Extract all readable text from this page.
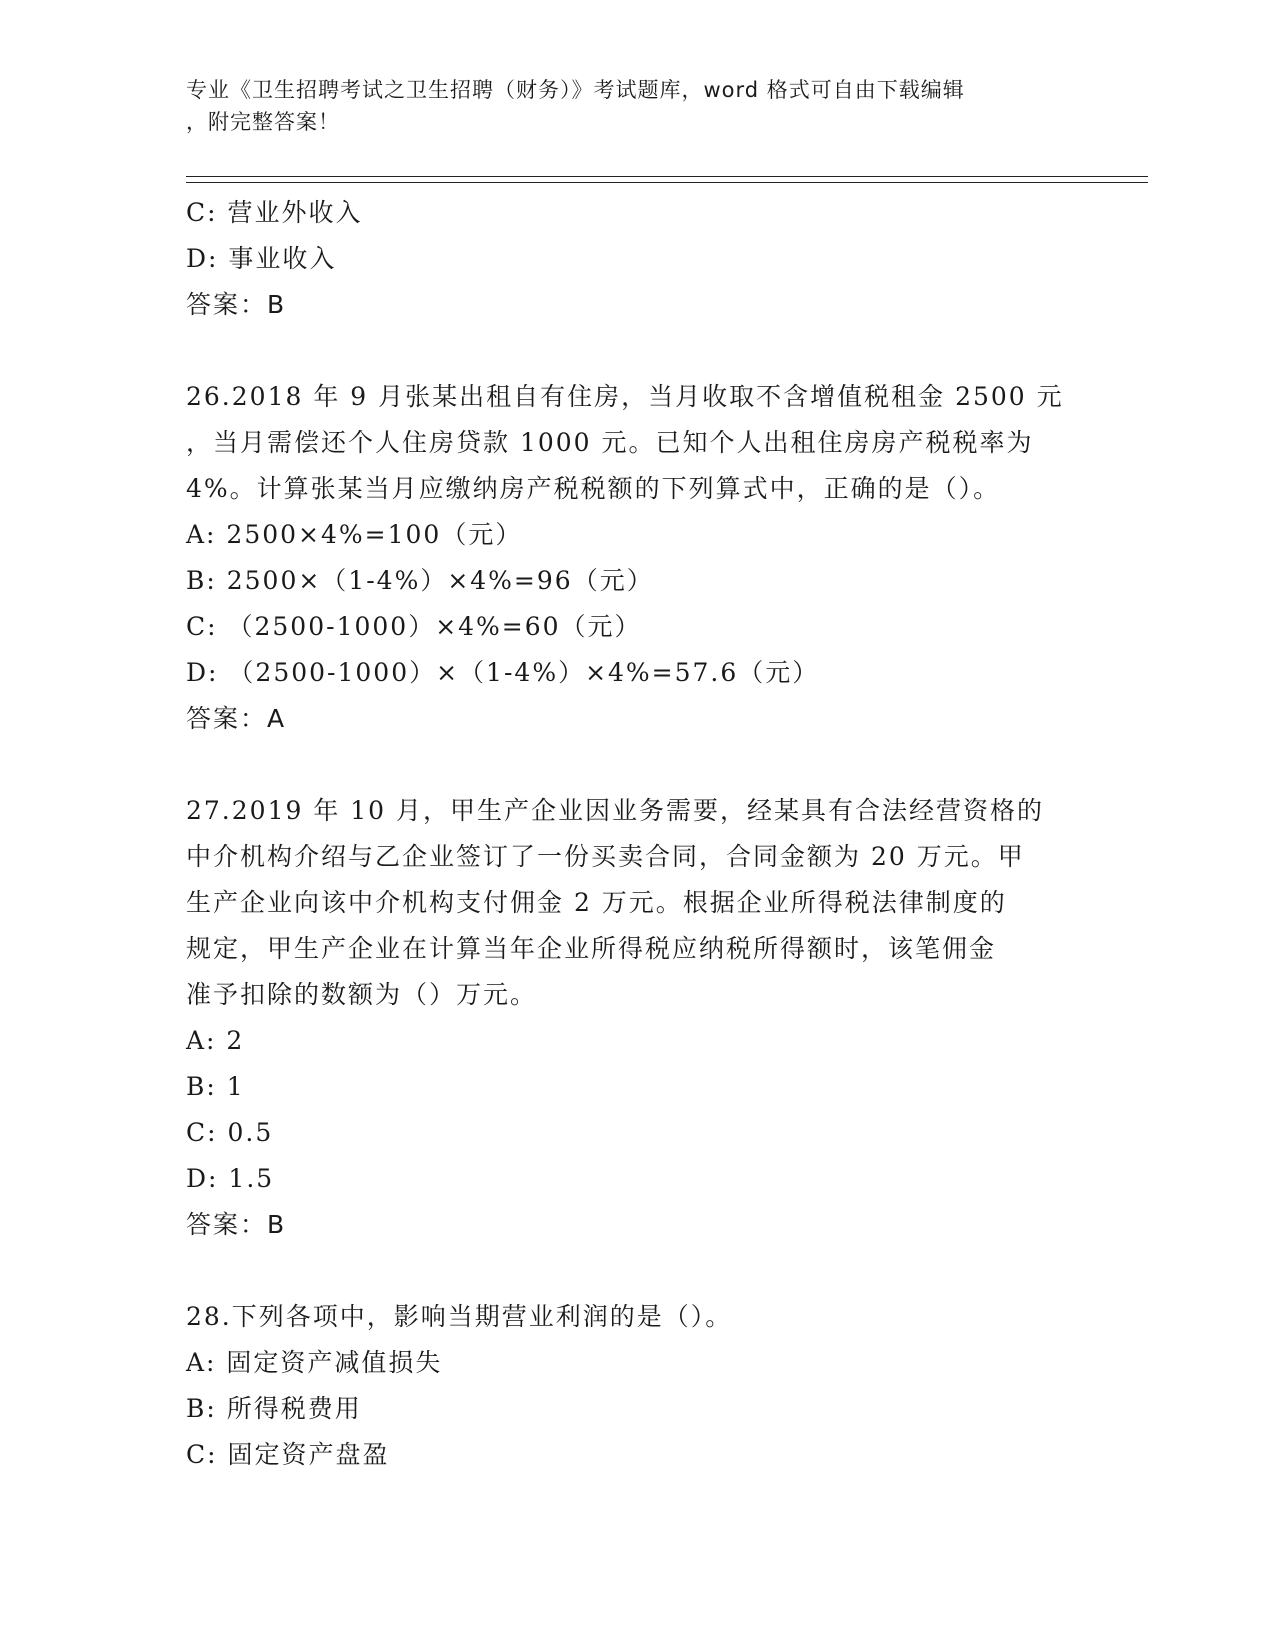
专业《卫生招聘考试之卫生招聘（财务）》考试题库，word 格式可自由下载编辑
，附完整答案！
C: 营业外收入
D: 事业收入
答案：B
26.2018 年 9 月张某出租自有住房，当月收取不含增值税租金 2500 元
，当月需偿还个人住房贷款 1000 元。已知个人出租住房房产税税率为
4%。计算张某当月应缴纳房产税税额的下列算式中，正确的是（）。
A: 2500×4%=100（元）
B: 2500×（1-4%）×4%=96（元）
C: （2500-1000）×4%=60（元）
D: （2500-1000）×（1-4%）×4%=57.6（元）
答案：A
27.2019 年 10 月，甲生产企业因业务需要，经某具有合法经营资格的
中介机构介绍与乙企业签订了一份买卖合同，合同金额为 20 万元。甲
生产企业向该中介机构支付佣金 2 万元。根据企业所得税法律制度的
规定，甲生产企业在计算当年企业所得税应纳税所得额时，该笔佣金
准予扣除的数额为（）万元。
A: 2
B: 1
C: 0.5
D: 1.5
答案：B
28.下列各项中，影响当期营业利润的是（）。
A: 固定资产减值损失
B: 所得税费用
C: 固定资产盘盈
